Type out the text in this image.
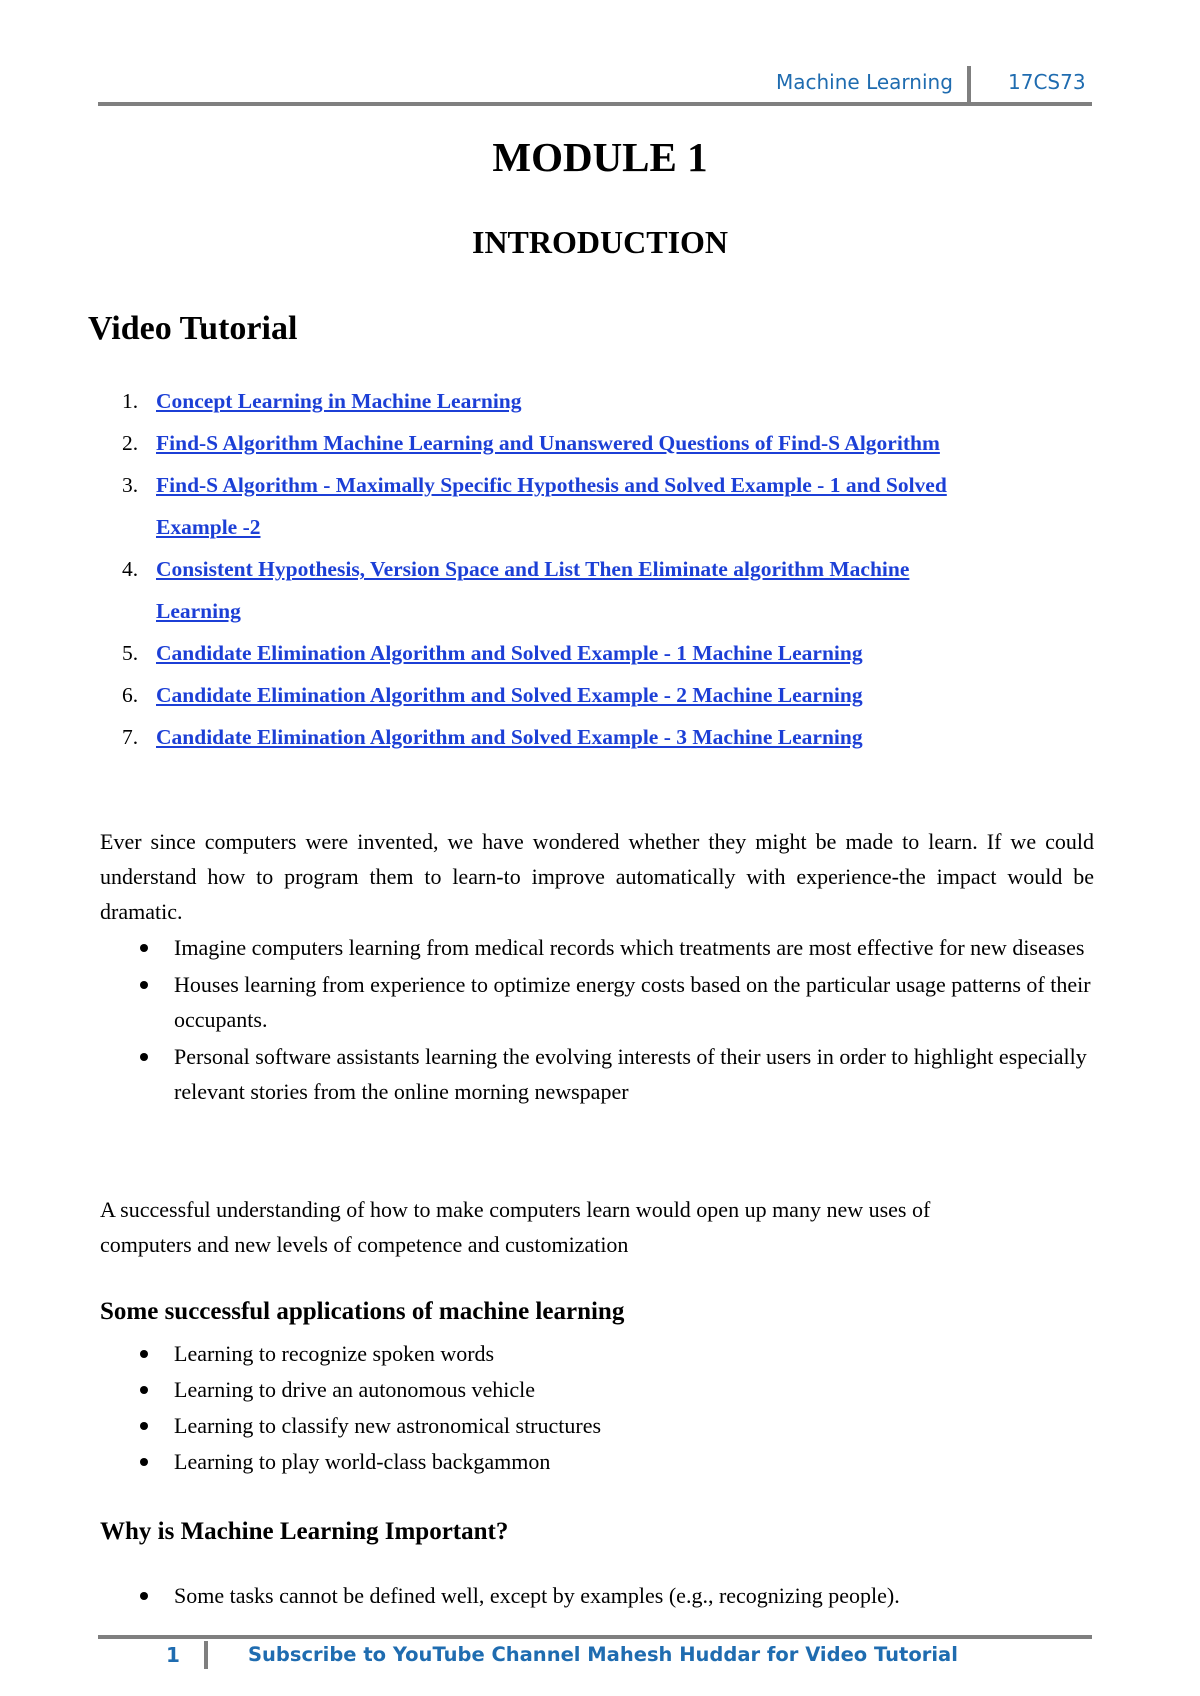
Machine Learning	17CS73
MODULE 1
INTRODUCTION
Video Tutorial
1. Concept Learning in Machine Learning
2. Find-S Algorithm Machine Learning and Unanswered Questions of Find-S Algorithm
3. Find-S Algorithm - Maximally Specific Hypothesis and Solved Example - 1 and Solved Example -2
4. Consistent Hypothesis, Version Space and List Then Eliminate algorithm Machine Learning
5. Candidate Elimination Algorithm and Solved Example - 1 Machine Learning
6. Candidate Elimination Algorithm and Solved Example - 2 Machine Learning
7. Candidate Elimination Algorithm and Solved Example - 3 Machine Learning

Ever since computers were invented, we have wondered whether they might be made to learn. If we could understand how to program them to learn-to improve automatically with experience-the impact would be dramatic.

Imagine computers learning from medical records which treatments are most effective for new diseases
Houses learning from experience to optimize energy costs based on the particular usage patterns of their occupants.
Personal software assistants learning the evolving interests of their users in order to highlight especially relevant stories from the online morning newspaper

A successful understanding of how to make computers learn would open up many new uses of computers and new levels of competence and customization

Some successful applications of machine learning
Learning to recognize spoken words
Learning to drive an autonomous vehicle
Learning to classify new astronomical structures
Learning to play world-class backgammon
Why is Machine Learning Important?
Some tasks cannot be defined well, except by examples (e.g., recognizing people).
1	Subscribe to YouTube Channel Mahesh Huddar for Video Tutorial
